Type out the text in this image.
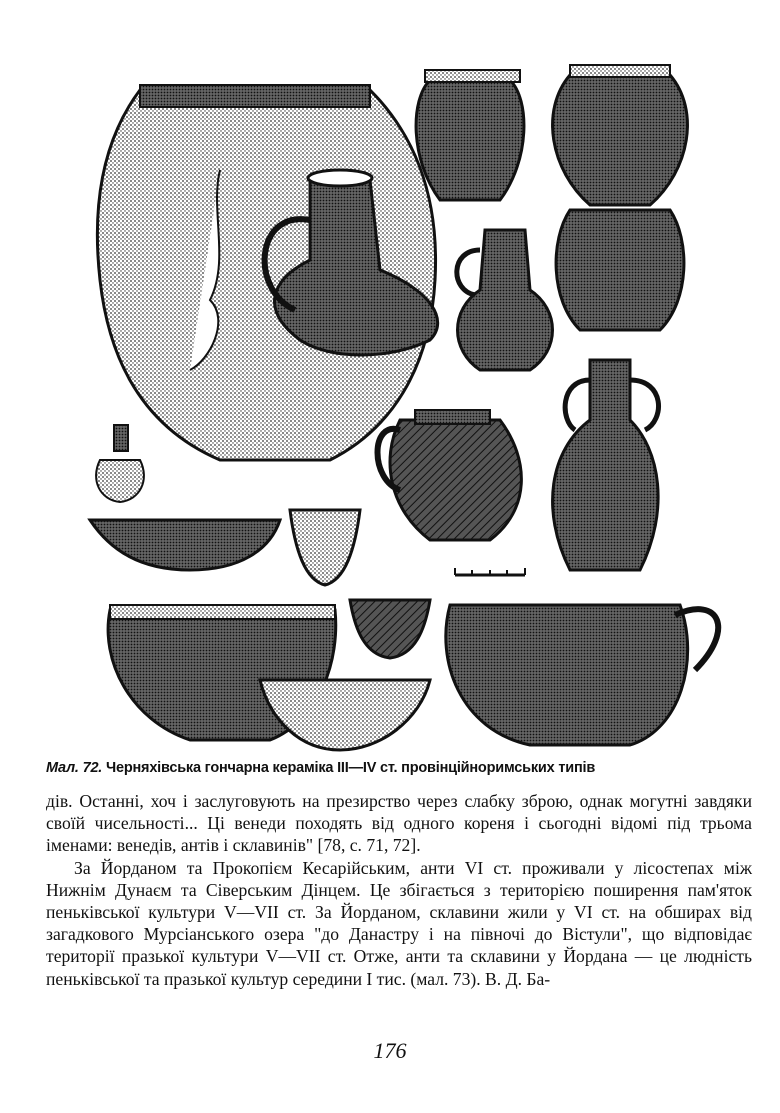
Мал. 72. Черняхівська гончарна кераміка III—IV ст. провінційноримських типів

дів. Останні, хоч і заслуговують на презирство через слабку зброю, однак могутні завдяки своїй чисельності... Ці венеди походять від одного кореня і сьогодні відомі під трьома іменами: венедів, антів і склавинів" [78, с. 71, 72].

За Йорданом та Прокопієм Кесарійським, анти VI ст. проживали у лісостепах між Нижнім Дунаєм та Сіверським Дінцем. Це збігається з територією поширення пам'яток пеньківської культури V—VII ст. За Йорданом, склавини жили у VI ст. на обширах від загадкового Мурсіанського озера "до Данастру і на півночі до Вістули", що відповідає території празької культури V—VII ст. Отже, анти та склавини у Йордана — це людність пеньківської та празької культур середини І тис. (мал. 73). В. Д. Ба-

176
